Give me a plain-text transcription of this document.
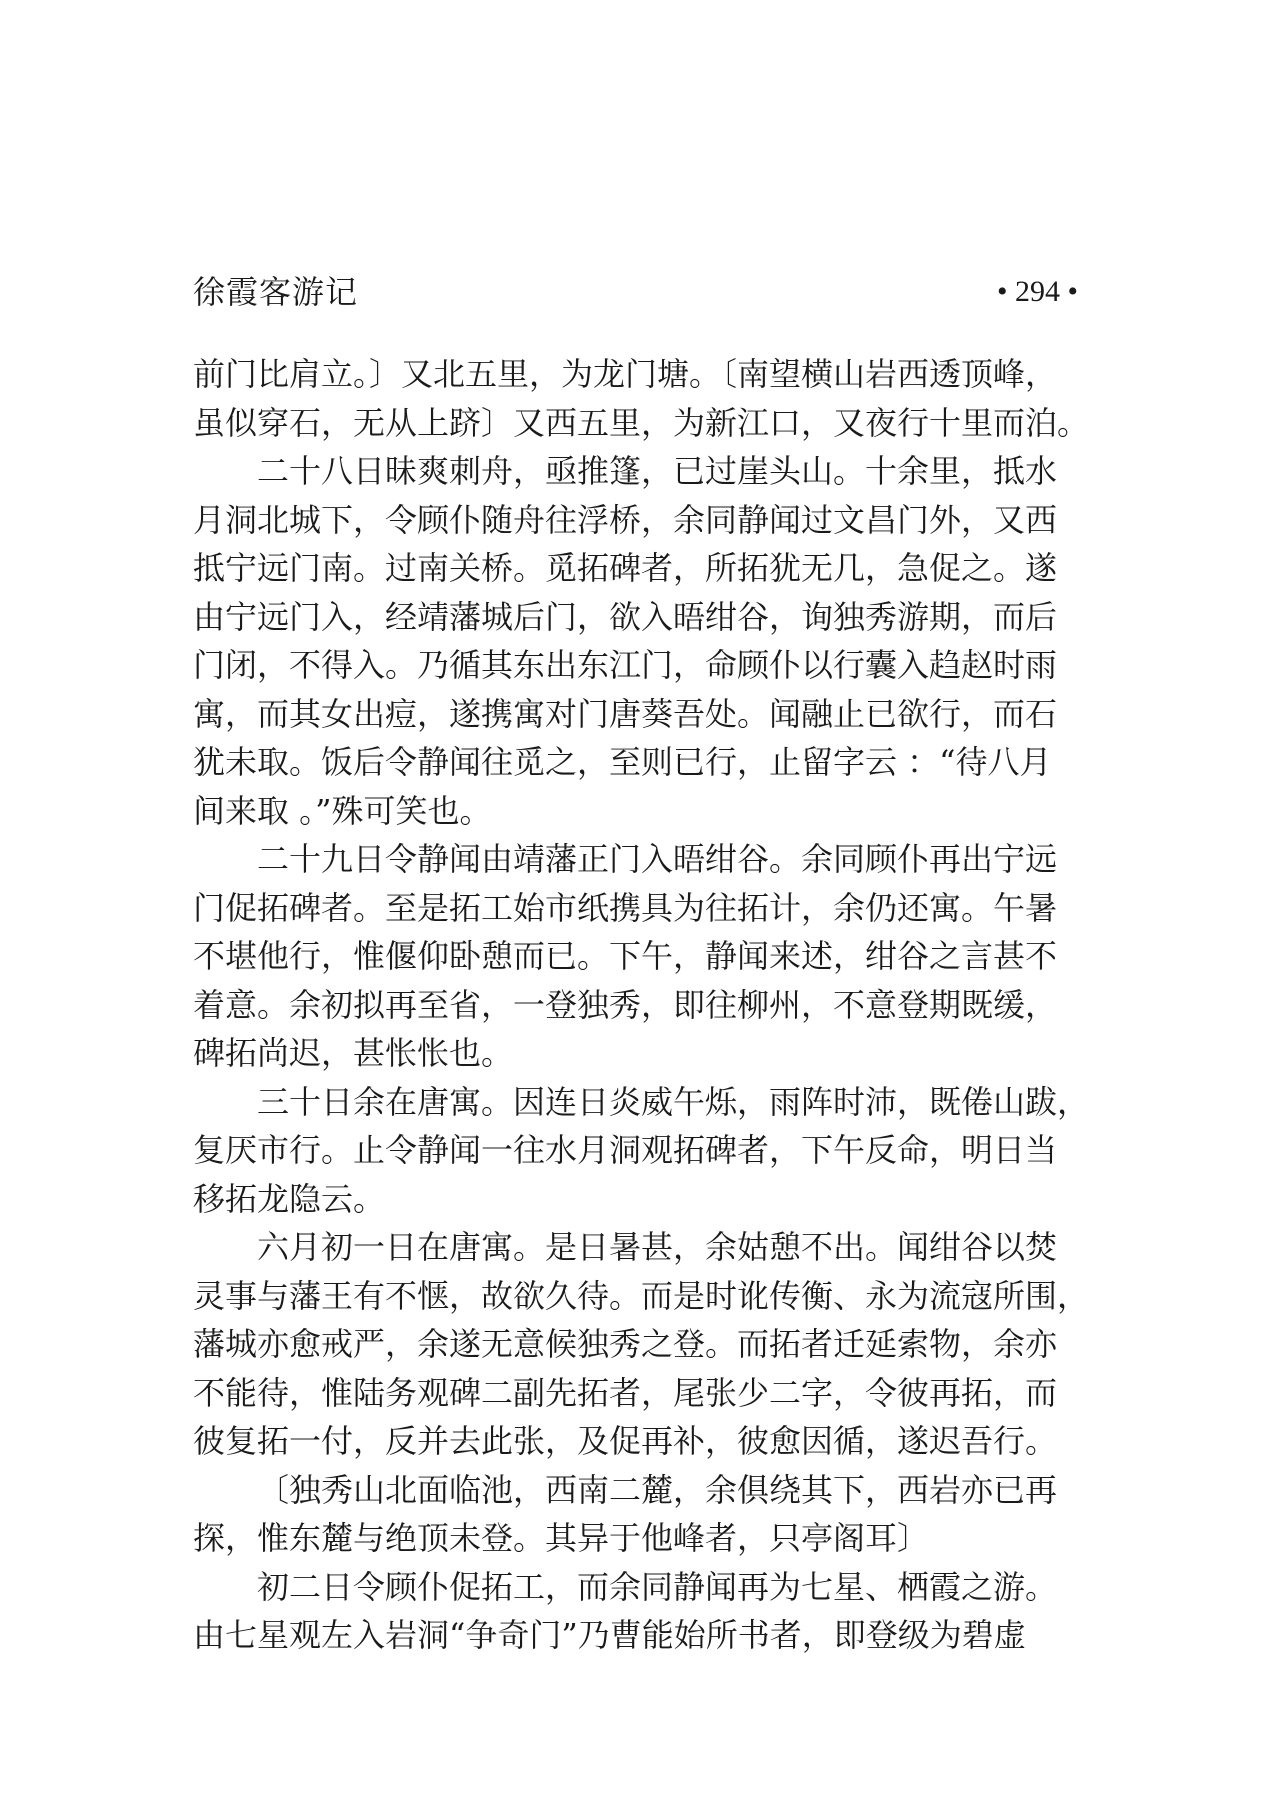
徐霞客游记	• 294 •
前门比肩立。〕又北五里，为龙门塘。〔南望横山岩西透顶峰，
虽似穿石，无从上跻〕又西五里，为新江口，又夜行十里而泊。
二十八日昧爽刺舟，亟推篷，已过崖头山。十余里，抵水
月洞北城下，令顾仆随舟往浮桥，余同静闻过文昌门外，又西
抵宁远门南。过南关桥。觅拓碑者，所拓犹无几，急促之。遂
由宁远门入，经靖藩城后门，欲入晤绀谷，询独秀游期，而后
门闭，不得入。乃循其东出东江门，命顾仆以行囊入趋赵时雨
寓，而其女出痘，遂携寓对门唐葵吾处。闻融止已欲行，而石
犹未取。饭后令静闻往觅之，至则已行，止留字云 ：“待八月
间来取 。”殊可笑也。
二十九日令静闻由靖藩正门入晤绀谷。余同顾仆再出宁远
门促拓碑者。至是拓工始市纸携具为往拓计，余仍还寓。午暑
不堪他行，惟偃仰卧憩而已。下午，静闻来述，绀谷之言甚不
着意。余初拟再至省，一登独秀，即往柳州，不意登期既缓，
碑拓尚迟，甚怅怅也。
三十日余在唐寓。因连日炎威午烁，雨阵时沛，既倦山跋，
复厌市行。止令静闻一往水月洞观拓碑者，下午反命，明日当
移拓龙隐云。
六月初一日在唐寓。是日暑甚，余姑憩不出。闻绀谷以焚
灵事与藩王有不惬，故欲久待。而是时讹传衡、永为流寇所围，
藩城亦愈戒严，余遂无意候独秀之登。而拓者迁延索物，余亦
不能待，惟陆务观碑二副先拓者，尾张少二字，令彼再拓，而
彼复拓一付，反并去此张，及促再补，彼愈因循，遂迟吾行。
〔独秀山北面临池，西南二麓，余俱绕其下，西岩亦已再
探，惟东麓与绝顶未登。其异于他峰者，只亭阁耳〕
初二日令顾仆促拓工，而余同静闻再为七星、栖霞之游。
由七星观左入岩洞“争奇门”乃曹能始所书者，即登级为碧虚
